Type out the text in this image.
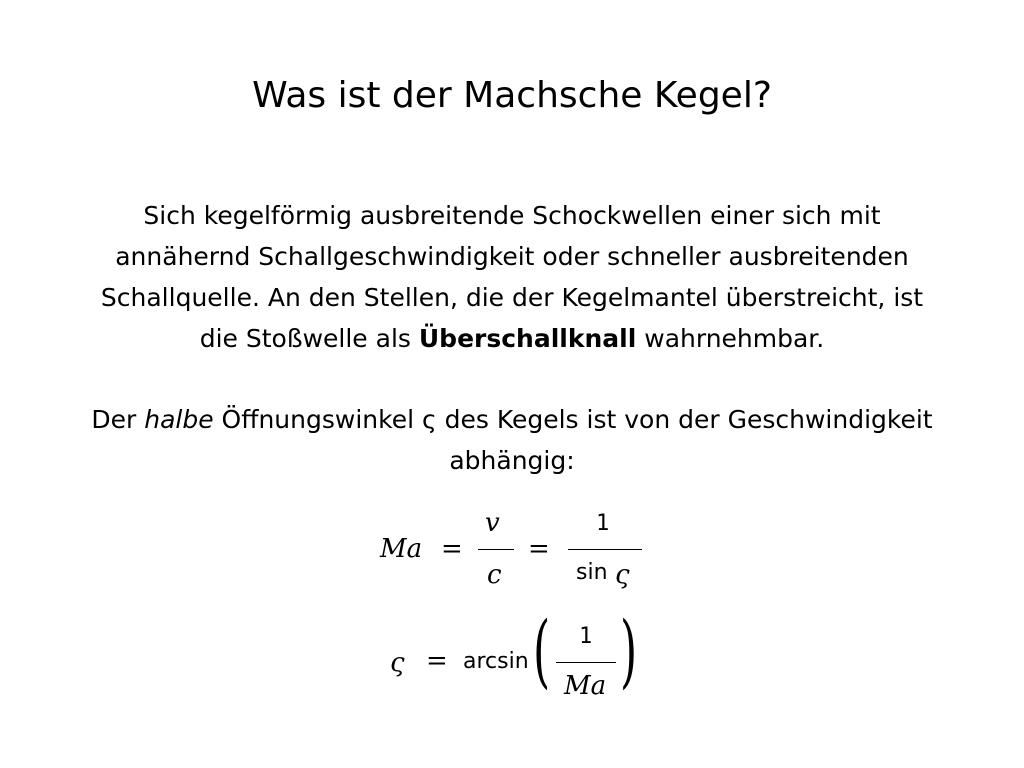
Was ist der Machsche Kegel?

Sich kegelförmig ausbreitende Schockwellen einer sich mit
annähernd Schallgeschwindigkeit oder schneller ausbreitenden
Schallquelle. An den Stellen, die der Kegelmantel überstreicht, ist
die Stoßwelle als Überschallknall wahrnehmbar.

Der halbe Öffnungswinkel ς des Kegels ist von der Geschwindigkeit
abhängig:

Ma =
v
c
=
1
sin ς
ς = arcsin ( 1
Ma )
